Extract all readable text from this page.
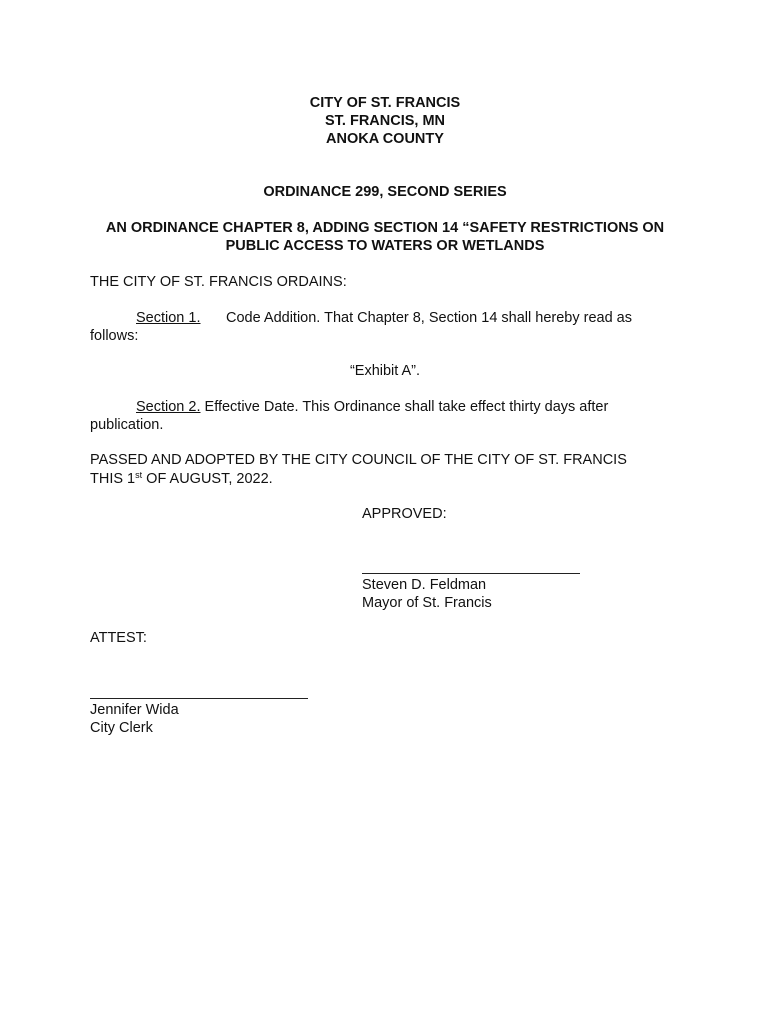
CITY OF ST. FRANCIS
ST. FRANCIS, MN
ANOKA COUNTY
ORDINANCE 299, SECOND SERIES
AN ORDINANCE CHAPTER 8, ADDING SECTION 14 “SAFETY RESTRICTIONS ON
PUBLIC ACCESS TO WATERS OR WETLANDS
THE CITY OF ST. FRANCIS ORDAINS:
Section 1. Code Addition. That Chapter 8, Section 14 shall hereby read as
follows:
“Exhibit A”.
Section 2. Effective Date. This Ordinance shall take effect thirty days after
publication.
PASSED AND ADOPTED BY THE CITY COUNCIL OF THE CITY OF ST. FRANCIS
THIS 1st OF AUGUST, 2022.
APPROVED:
Steven D. Feldman
Mayor of St. Francis
ATTEST:
Jennifer Wida
City Clerk
